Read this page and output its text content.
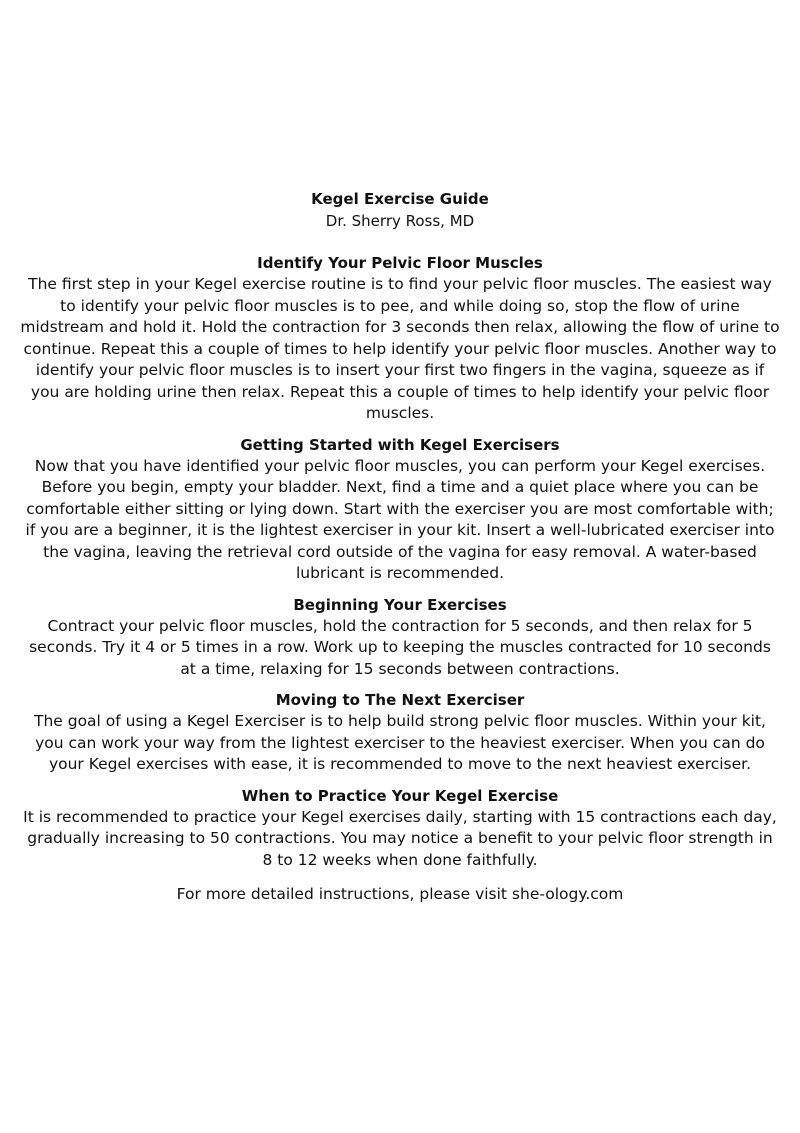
Kegel Exercise Guide
Dr. Sherry Ross, MD
Identify Your Pelvic Floor Muscles
The first step in your Kegel exercise routine is to find your pelvic floor muscles. The easiest way to identify your pelvic floor muscles is to pee, and while doing so, stop the flow of urine midstream and hold it. Hold the contraction for 3 seconds then relax, allowing the flow of urine to continue. Repeat this a couple of times to help identify your pelvic floor muscles. Another way to identify your pelvic floor muscles is to insert your first two fingers in the vagina, squeeze as if you are holding urine then relax. Repeat this a couple of times to help identify your pelvic floor muscles.
Getting Started with Kegel Exercisers
Now that you have identified your pelvic floor muscles, you can perform your Kegel exercises. Before you begin, empty your bladder. Next, find a time and a quiet place where you can be comfortable either sitting or lying down. Start with the exerciser you are most comfortable with; if you are a beginner, it is the lightest exerciser in your kit. Insert a well-lubricated exerciser into the vagina, leaving the retrieval cord outside of the vagina for easy removal. A water-based lubricant is recommended.
Beginning Your Exercises
Contract your pelvic floor muscles, hold the contraction for 5 seconds, and then relax for 5 seconds. Try it 4 or 5 times in a row. Work up to keeping the muscles contracted for 10 seconds at a time, relaxing for 15 seconds between contractions.
Moving to The Next Exerciser
The goal of using a Kegel Exerciser is to help build strong pelvic floor muscles. Within your kit, you can work your way from the lightest exerciser to the heaviest exerciser. When you can do your Kegel exercises with ease, it is recommended to move to the next heaviest exerciser.
When to Practice Your Kegel Exercise
It is recommended to practice your Kegel exercises daily, starting with 15 contractions each day, gradually increasing to 50 contractions. You may notice a benefit to your pelvic floor strength in 8 to 12 weeks when done faithfully.
For more detailed instructions, please visit she-ology.com
